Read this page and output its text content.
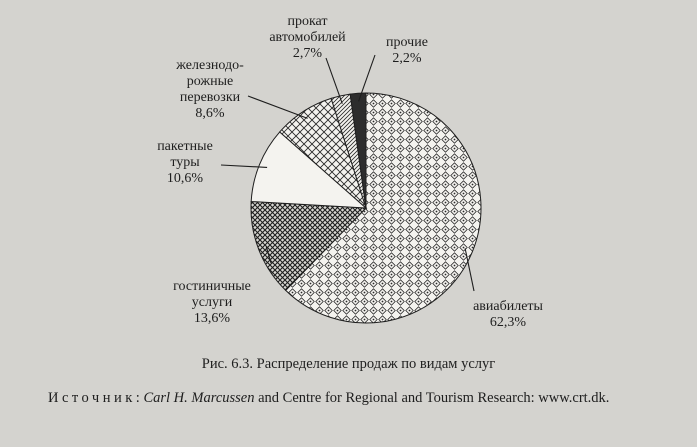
авиабилеты
62,3%
гостиничные
услуги
13,6%
пакетные
туры
10,6%
железнодо-
рожные
перевозки
8,6%
прокат
автомобилей
2,7%
прочие
2,2%
Рис. 6.3. Распределение продаж по видам услуг
Источник: Carl H. Marcussen and Centre for Regional and Tourism Research: www.crt.dk.
